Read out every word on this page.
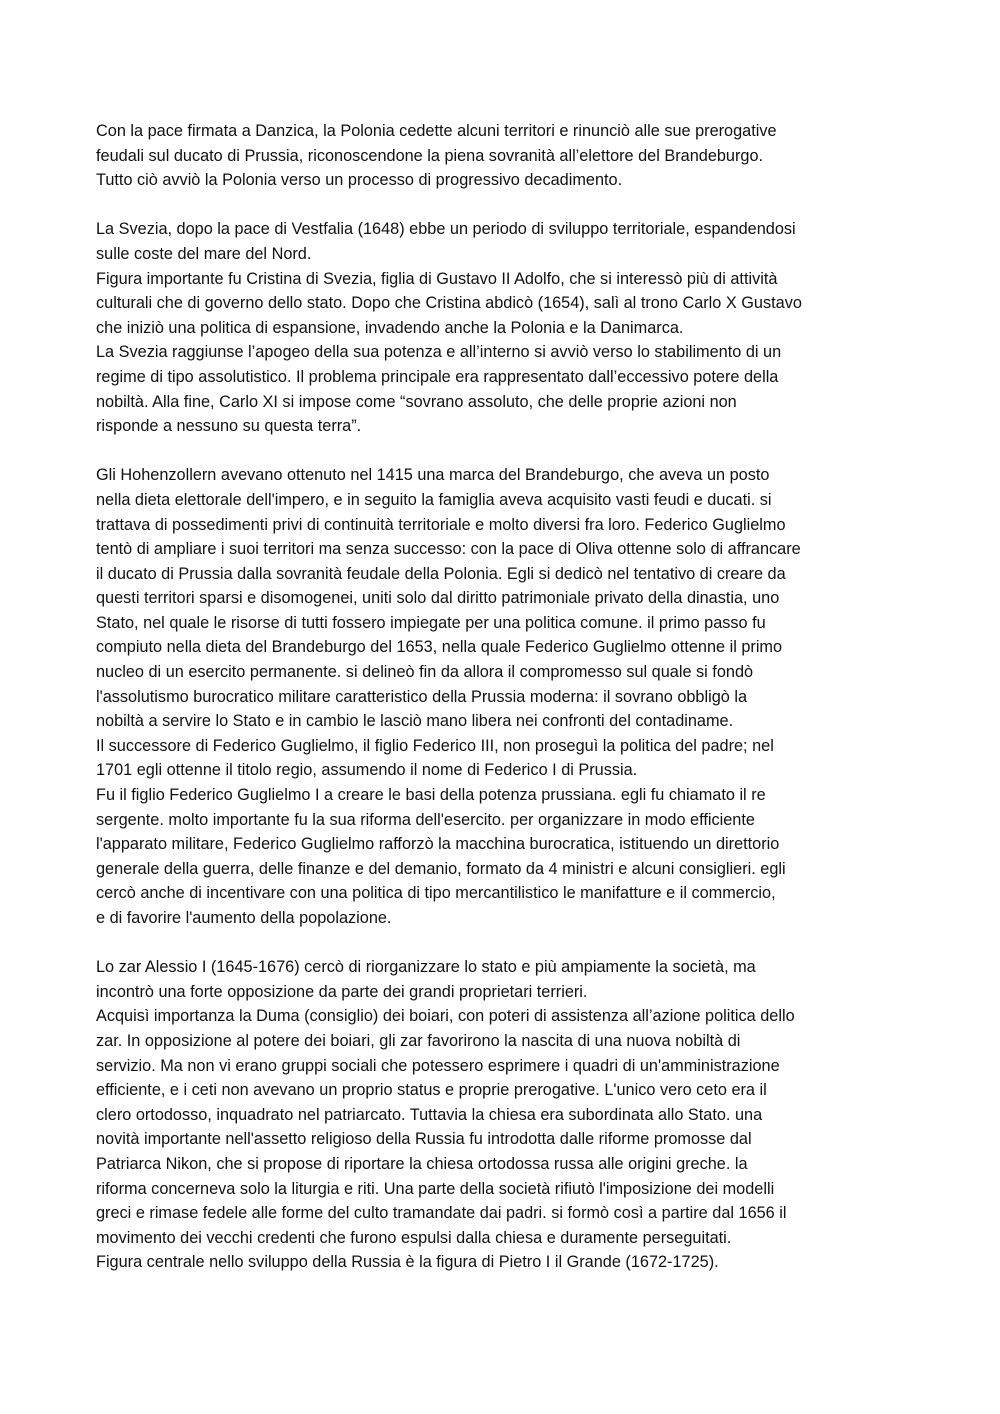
Con la pace firmata a Danzica, la Polonia cedette alcuni territori e rinunciò alle sue prerogative
feudali sul ducato di Prussia, riconoscendone la piena sovranità all’elettore del Brandeburgo.
Tutto ciò avviò la Polonia verso un processo di progressivo decadimento.
La Svezia, dopo la pace di Vestfalia (1648) ebbe un periodo di sviluppo territoriale, espandendosi
sulle coste del mare del Nord.
Figura importante fu Cristina di Svezia, figlia di Gustavo II Adolfo, che si interessò più di attività
culturali che di governo dello stato. Dopo che Cristina abdicò (1654), salì al trono Carlo X Gustavo
che iniziò una politica di espansione, invadendo anche la Polonia e la Danimarca.
La Svezia raggiunse l’apogeo della sua potenza e all’interno si avviò verso lo stabilimento di un
regime di tipo assolutistico. Il problema principale era rappresentato dall’eccessivo potere della
nobiltà. Alla fine, Carlo XI si impose come “sovrano assoluto, che delle proprie azioni non
risponde a nessuno su questa terra”.
Gli Hohenzollern avevano ottenuto nel 1415 una marca del Brandeburgo, che aveva un posto
nella dieta elettorale dell'impero, e in seguito la famiglia aveva acquisito vasti feudi e ducati. si
trattava di possedimenti privi di continuità territoriale e molto diversi fra loro. Federico Guglielmo
tentò di ampliare i suoi territori ma senza successo: con la pace di Oliva ottenne solo di affrancare
il ducato di Prussia dalla sovranità feudale della Polonia. Egli si dedicò nel tentativo di creare da
questi territori sparsi e disomogenei, uniti solo dal diritto patrimoniale privato della dinastia, uno
Stato, nel quale le risorse di tutti fossero impiegate per una politica comune. il primo passo fu
compiuto nella dieta del Brandeburgo del 1653, nella quale Federico Guglielmo ottenne il primo
nucleo di un esercito permanente. si delineò fin da allora il compromesso sul quale si fondò
l'assolutismo burocratico militare caratteristico della Prussia moderna: il sovrano obbligò la
nobiltà a servire lo Stato e in cambio le lasciò mano libera nei confronti del contadiname.
Il successore di Federico Guglielmo, il figlio Federico III, non proseguì la politica del padre; nel
1701 egli ottenne il titolo regio, assumendo il nome di Federico I di Prussia.
Fu il figlio Federico Guglielmo I a creare le basi della potenza prussiana. egli fu chiamato il re
sergente. molto importante fu la sua riforma dell'esercito. per organizzare in modo efficiente
l'apparato militare, Federico Guglielmo rafforzò la macchina burocratica, istituendo un direttorio
generale della guerra, delle finanze e del demanio, formato da 4 ministri e alcuni consiglieri. egli
cercò anche di incentivare con una politica di tipo mercantilistico le manifatture e il commercio,
e di favorire l'aumento della popolazione.
Lo zar Alessio I (1645-1676) cercò di riorganizzare lo stato e più ampiamente la società, ma
incontrò una forte opposizione da parte dei grandi proprietari terrieri.
Acquisì importanza la Duma (consiglio) dei boiari, con poteri di assistenza all’azione politica dello
zar. In opposizione al potere dei boiari, gli zar favorirono la nascita di una nuova nobiltà di
servizio. Ma non vi erano gruppi sociali che potessero esprimere i quadri di un'amministrazione
efficiente, e i ceti non avevano un proprio status e proprie prerogative. L'unico vero ceto era il
clero ortodosso, inquadrato nel patriarcato. Tuttavia la chiesa era subordinata allo Stato. una
novità importante nell'assetto religioso della Russia fu introdotta dalle riforme promosse dal
Patriarca Nikon, che si propose di riportare la chiesa ortodossa russa alle origini greche. la
riforma concerneva solo la liturgia e riti. Una parte della società rifiutò l'imposizione dei modelli
greci e rimase fedele alle forme del culto tramandate dai padri. si formò così a partire dal 1656 il
movimento dei vecchi credenti che furono espulsi dalla chiesa e duramente perseguitati.
Figura centrale nello sviluppo della Russia è la figura di Pietro I il Grande (1672-1725).
